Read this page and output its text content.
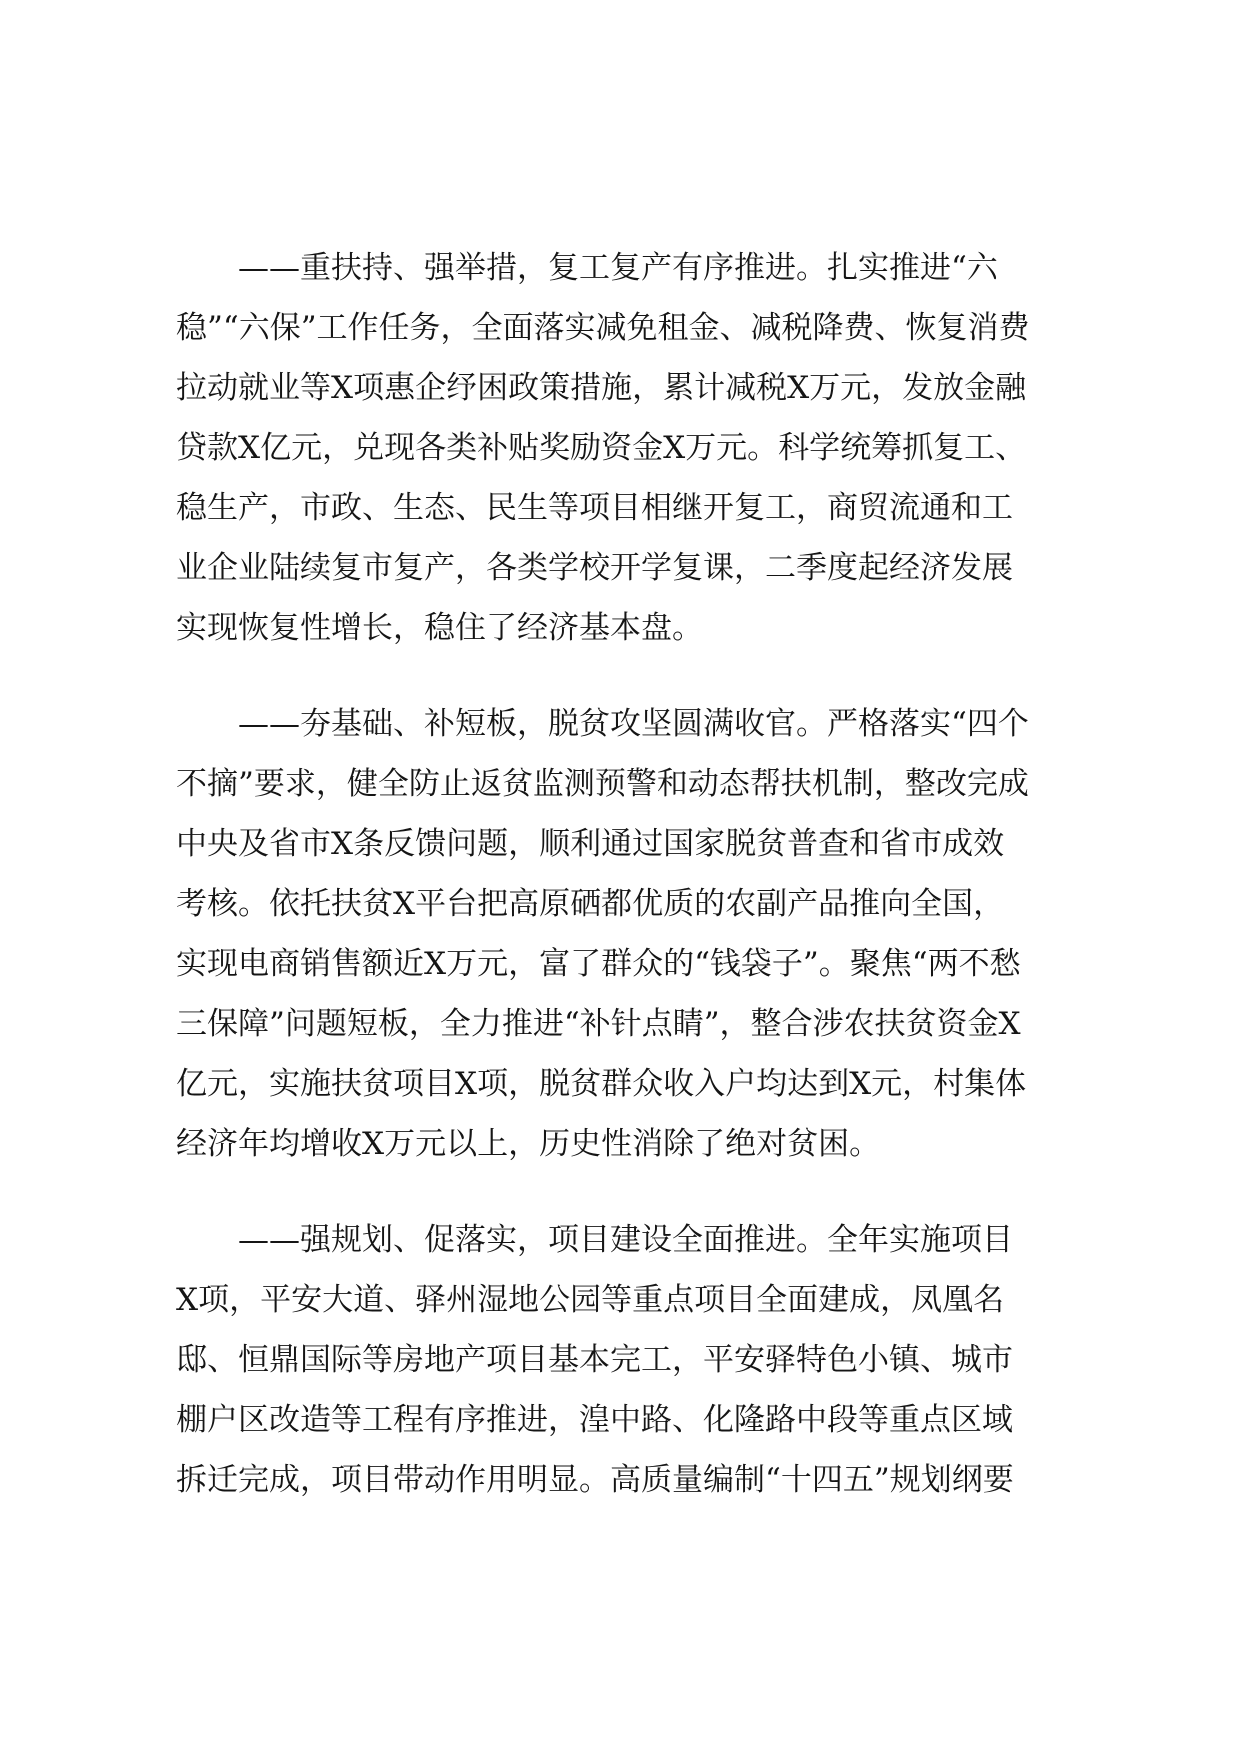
——重扶持、强举措，复工复产有序推进。扎实推进“六
稳”“六保”工作任务，全面落实减免租金、减税降费、恢复消费
拉动就业等X项惠企纾困政策措施，累计减税X万元，发放金融
贷款X亿元，兑现各类补贴奖励资金X万元。科学统筹抓复工、
稳生产，市政、生态、民生等项目相继开复工，商贸流通和工
业企业陆续复市复产，各类学校开学复课，二季度起经济发展
实现恢复性增长，稳住了经济基本盘。
——夯基础、补短板，脱贫攻坚圆满收官。严格落实“四个
不摘”要求，健全防止返贫监测预警和动态帮扶机制，整改完成
中央及省市X条反馈问题，顺利通过国家脱贫普查和省市成效
考核。依托扶贫X平台把高原硒都优质的农副产品推向全国，
实现电商销售额近X万元，富了群众的“钱袋子”。聚焦“两不愁
三保障”问题短板，全力推进“补针点睛”，整合涉农扶贫资金X
亿元，实施扶贫项目X项，脱贫群众收入户均达到X元，村集体
经济年均增收X万元以上，历史性消除了绝对贫困。
——强规划、促落实，项目建设全面推进。全年实施项目
X项，平安大道、驿州湿地公园等重点项目全面建成，凤凰名
邸、恒鼎国际等房地产项目基本完工，平安驿特色小镇、城市
棚户区改造等工程有序推进，湟中路、化隆路中段等重点区域
拆迁完成，项目带动作用明显。高质量编制“十四五”规划纲要
